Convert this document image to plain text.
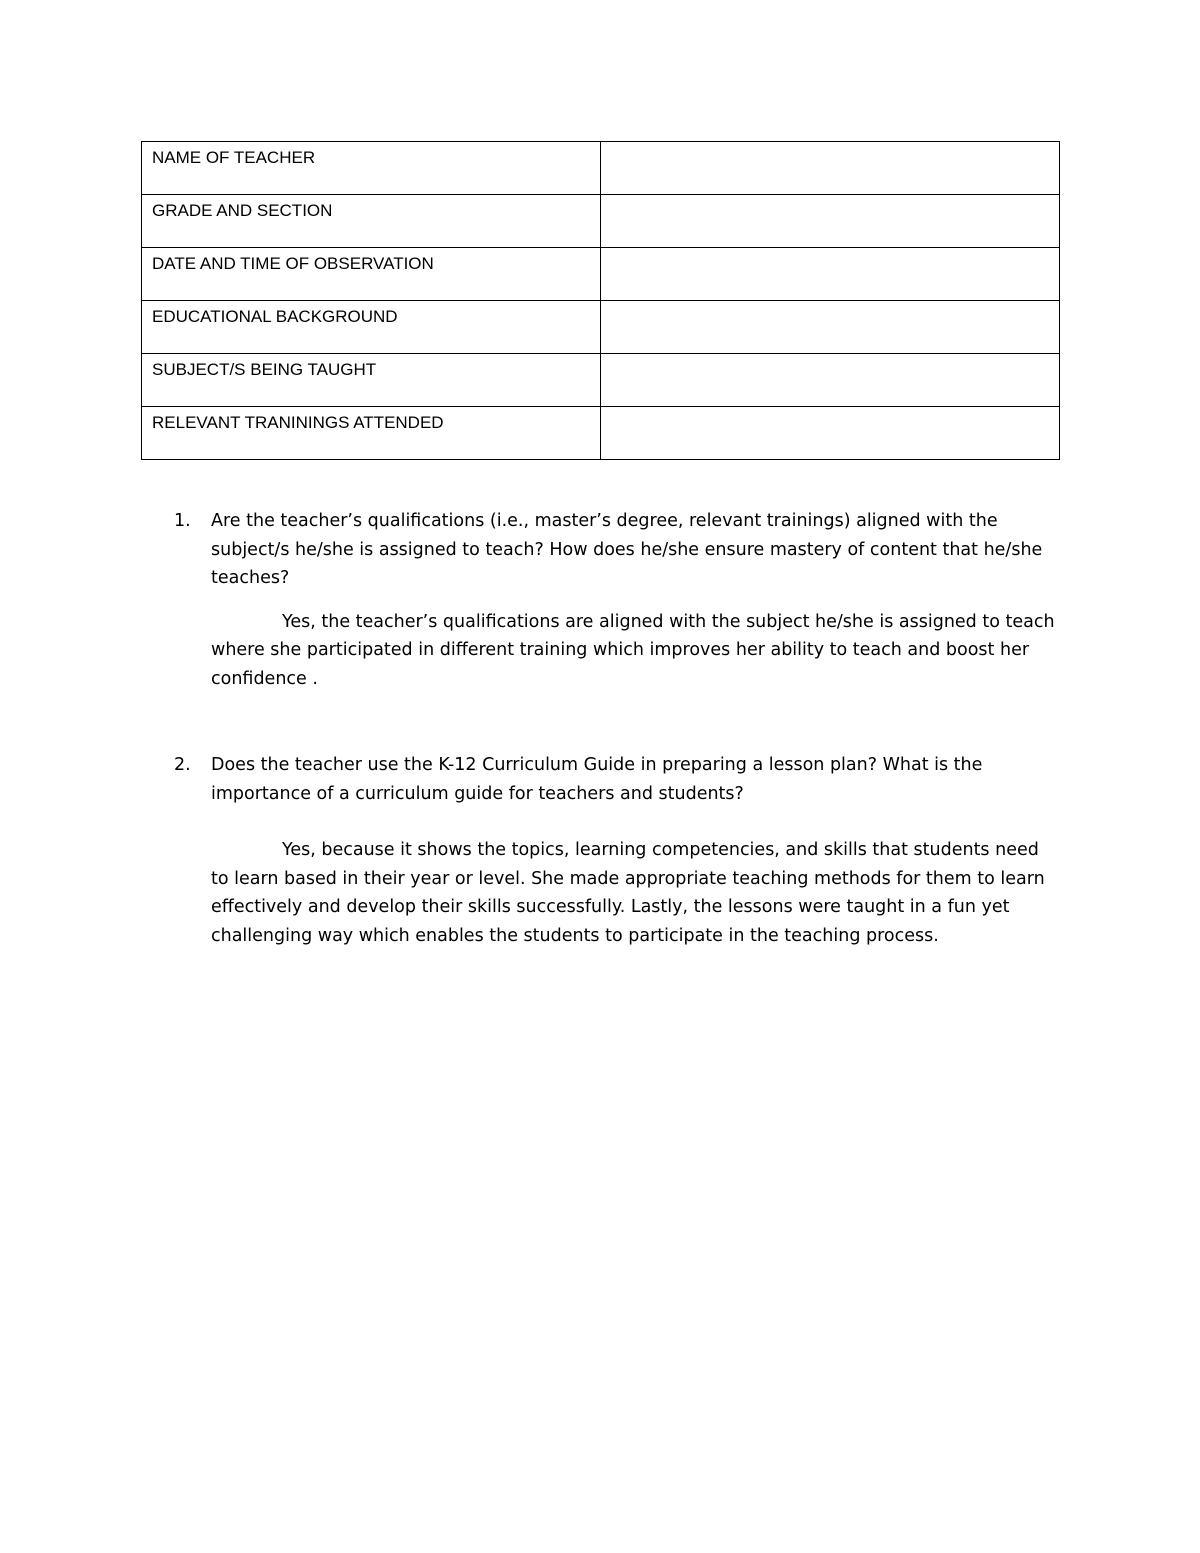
NAME OF TEACHER	
GRADE AND SECTION	
DATE AND TIME OF OBSERVATION	
EDUCATIONAL BACKGROUND	
SUBJECT/S BEING TAUGHT	
RELEVANT TRANININGS ATTENDED	
1. Are the teacher’s qualifications (i.e., master’s degree, relevant trainings) aligned with the subject/s he/she is assigned to teach? How does he/she ensure mastery of content that he/she teaches?

Yes, the teacher’s qualifications are aligned with the subject he/she is assigned to teach where she participated in different training which improves her ability to teach and boost her confidence .

2. Does the teacher use the K-12 Curriculum Guide in preparing a lesson plan? What is the importance of a curriculum guide for teachers and students?

Yes, because it shows the topics, learning competencies, and skills that students need to learn based in their year or level. She made appropriate teaching methods for them to learn effectively and develop their skills successfully. Lastly, the lessons were taught in a fun yet challenging way which enables the students to participate in the teaching process.
